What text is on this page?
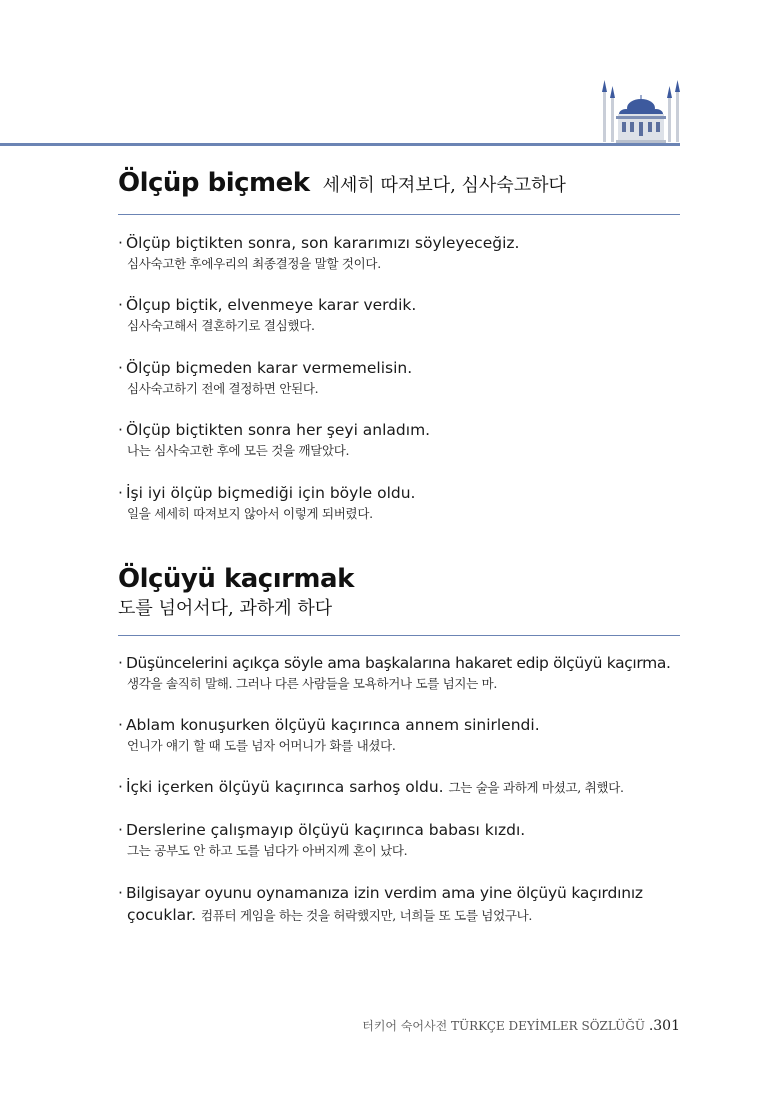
Ölçüp biçmek 세세히 따져보다, 심사숙고하다
· Ölçüp biçtikten sonra, son kararımızı söyleyeceğiz.
심사숙고한 후에우리의 최종결정을 말할 것이다.
· Ölçup biçtik, elvenmeye karar verdik.
심사숙고해서 결혼하기로 결심했다.
· Ölçüp biçmeden karar vermemelisin.
심사숙고하기 전에 결정하면 안된다.
· Ölçüp biçtikten sonra her şeyi anladım.
나는 심사숙고한 후에 모든 것을 깨달았다.
· İşi iyi ölçüp biçmediği için böyle oldu.
일을 세세히 따져보지 않아서 이렇게 되버렸다.
Ölçüyü kaçırmak
도를 넘어서다, 과하게 하다
· Düşüncelerini açıkça söyle ama başkalarına hakaret edip ölçüyü kaçırma.
생각을 솔직히 말해. 그러나 다른 사람들을 모욕하거나 도를 넘지는 마.
· Ablam konuşurken ölçüyü kaçırınca annem sinirlendi.
언니가 얘기 할 때 도를 넘자 어머니가 화를 내셨다.
· İçki içerken ölçüyü kaçırınca sarhoş oldu. 그는 술을 과하게 마셨고, 취했다.
· Derslerine çalışmayıp ölçüyü kaçırınca babası kızdı.
그는 공부도 안 하고 도를 넘다가 아버지께 혼이 났다.
· Bilgisayar oyunu oynamanıza izin verdim ama yine ölçüyü kaçırdınız
çocuklar. 컴퓨터 게임을 하는 것을 허락했지만, 너희들 또 도를 넘었구나.
터키어 숙어사전 TÜRKÇE DEYİMLER SÖZLÜĞÜ .301
